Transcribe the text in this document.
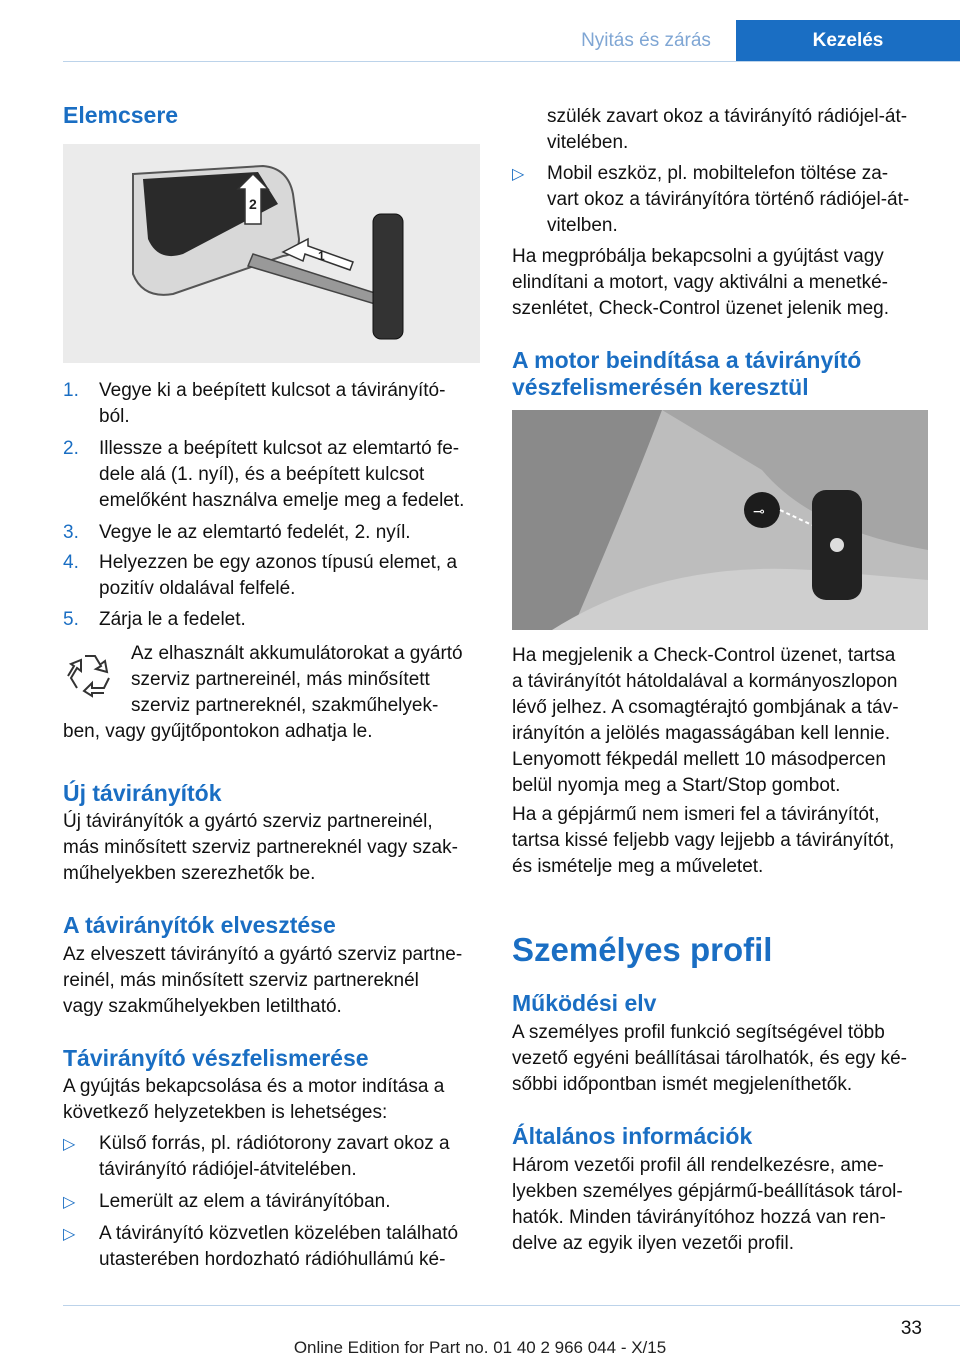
Nyitás és zárás	Kezelés
Elemcsere
2
1
1. Vegye ki a beépített kulcsot a távirányító-
ból.
2. Illessze a beépített kulcsot az elemtartó fe-
dele alá (1. nyíl), és a beépített kulcsot
emelőként használva emelje meg a fedelet.
3. Vegye le az elemtartó fedelét, 2. nyíl.
4. Helyezzen be egy azonos típusú elemet, a
pozitív oldalával felfelé.
5. Zárja le a fedelet.
Az elhasznált akkumulátorokat a gyártó
szerviz partnereinél, más minősített
szerviz partnereknél, szakműhelyek-
ben, vagy gyűjtőpontokon adhatja le.
Új távirányítók
Új távirányítók a gyártó szerviz partnereinél,
más minősített szerviz partnereknél vagy szak-
műhelyekben szerezhetők be.
A távirányítók elvesztése
Az elveszett távirányító a gyártó szerviz partne-
reinél, más minősített szerviz partnereknél
vagy szakműhelyekben letiltható.
Távirányító vészfelismerése
A gyújtás bekapcsolása és a motor indítása a
következő helyzetekben is lehetséges:
▷ Külső forrás, pl. rádiótorony zavart okoz a
távirányító rádiójel-átvitelében.
▷ Lemerült az elem a távirányítóban.
▷ A távirányító közvetlen közelében található
utasterében hordozható rádióhullámú ké-
szülék zavart okoz a távirányító rádiójel-át-
vitelében.
▷ Mobil eszköz, pl. mobiltelefon töltése za-
vart okoz a távirányítóra történő rádiójel-át-
vitelben.
Ha megpróbálja bekapcsolni a gyújtást vagy
elindítani a motort, vagy aktiválni a menetké-
szenlétet, Check-Control üzenet jelenik meg.
A motor beindítása a távirányító
vészfelismerésén keresztül
⊸
Személyes profil
Működési elv
Általános információk
Ha megjelenik a Check-Control üzenet, tartsa
a távirányítót hátoldalával a kormányoszlopon
lévő jelhez. A csomagtérajtó gombjának a táv-
irányítón a jelölés magasságában kell lennie.
Lenyomott fékpedál mellett 10 másodpercen
belül nyomja meg a Start/Stop gombot.
Ha a gépjármű nem ismeri fel a távirányítót,
tartsa kissé feljebb vagy lejjebb a távirányítót,
és ismételje meg a műveletet.
A személyes profil funkció segítségével több
vezető egyéni beállításai tárolhatók, és egy ké-
sőbbi időpontban ismét megjeleníthetők.
Három vezetői profil áll rendelkezésre, ame-
lyekben személyes gépjármű-beállítások tárol-
hatók. Minden távirányítóhoz hozzá van ren-
delve az egyik ilyen vezetői profil.
33
Online Edition for Part no. 01 40 2 966 044 - X/15
